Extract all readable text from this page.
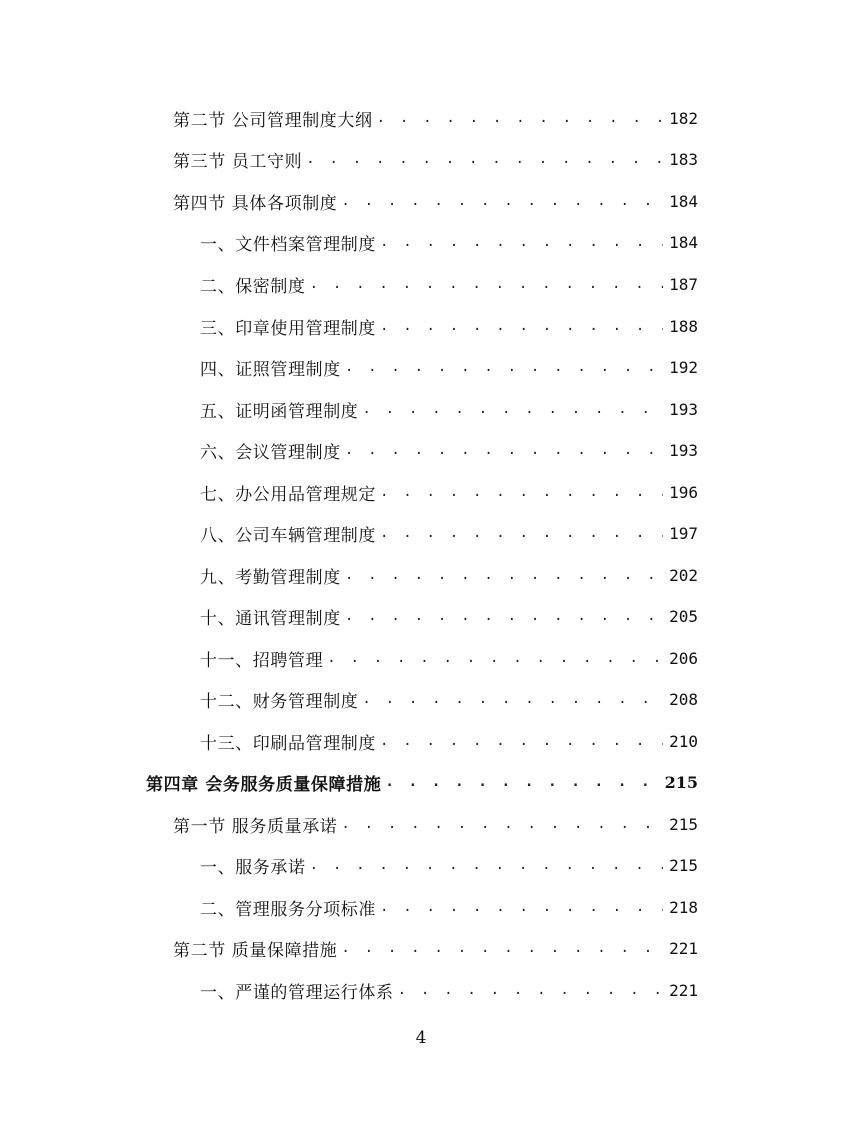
第二节 公司管理制度大纲 . . .	182
第三节 员工守则 . . .	183
第四节 具体各项制度 . . .	184
一、文件档案管理制度 . . .	184
二、保密制度 . . .	187
三、印章使用管理制度 . . .	188
四、证照管理制度 . . .	192
五、证明函管理制度 . . .	193
六、会议管理制度 . . .	193
七、办公用品管理规定 . . .	196
八、公司车辆管理制度 . . .	197
九、考勤管理制度 . . .	202
十、通讯管理制度 . . .	205
十一、招聘管理 . . .	206
十二、财务管理制度 . . .	208
十三、印刷品管理制度 . . .	210
第四章 会务服务质量保障措施 . . .	215
第一节 服务质量承诺 . . .	215
一、服务承诺 . . .	215
二、管理服务分项标准 . . .	218
第二节 质量保障措施 . . .	221
一、严谨的管理运行体系 . . .	221
4
